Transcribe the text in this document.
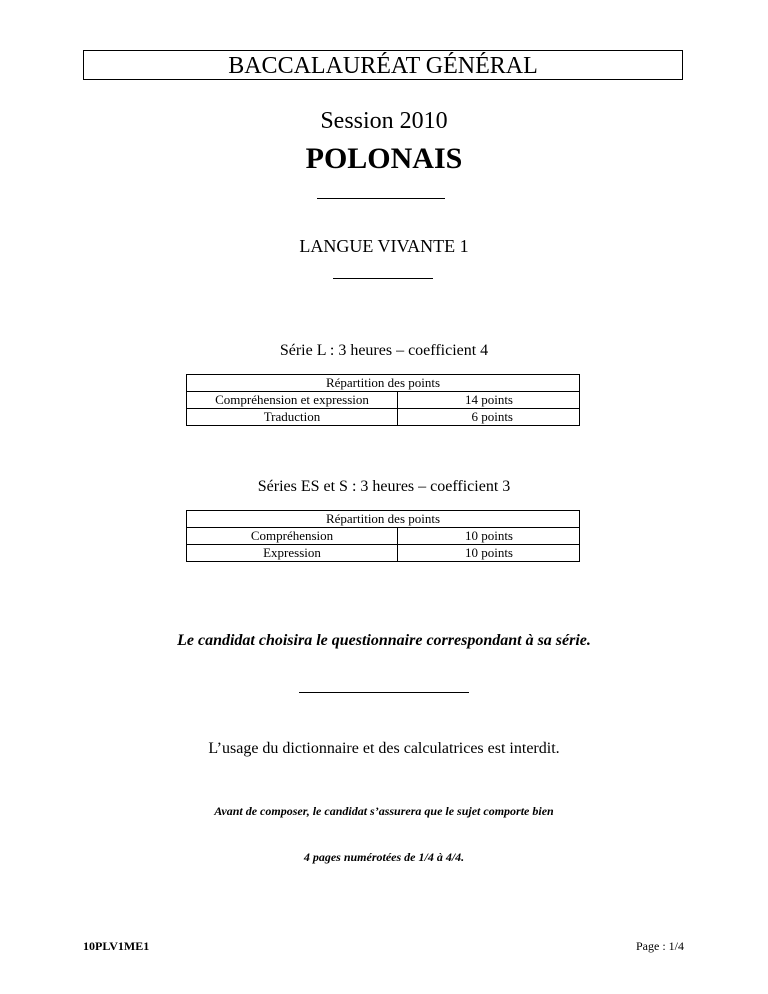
BACCALAURÉAT GÉNÉRAL
Session 2010
POLONAIS
LANGUE VIVANTE 1
Série L : 3 heures – coefficient 4
Répartition des points	
Compréhension et expression	14 points
Traduction	6 points
Séries ES et S : 3 heures – coefficient 3
Répartition des points	
Compréhension	10 points
Expression	10 points
Le candidat choisira le questionnaire correspondant à sa série.
L’usage du dictionnaire et des calculatrices est interdit.
Avant de composer, le candidat s’assurera que le sujet comporte bien
4 pages numérotées de 1/4 à 4/4.
10PLV1ME1	Page : 1/4
